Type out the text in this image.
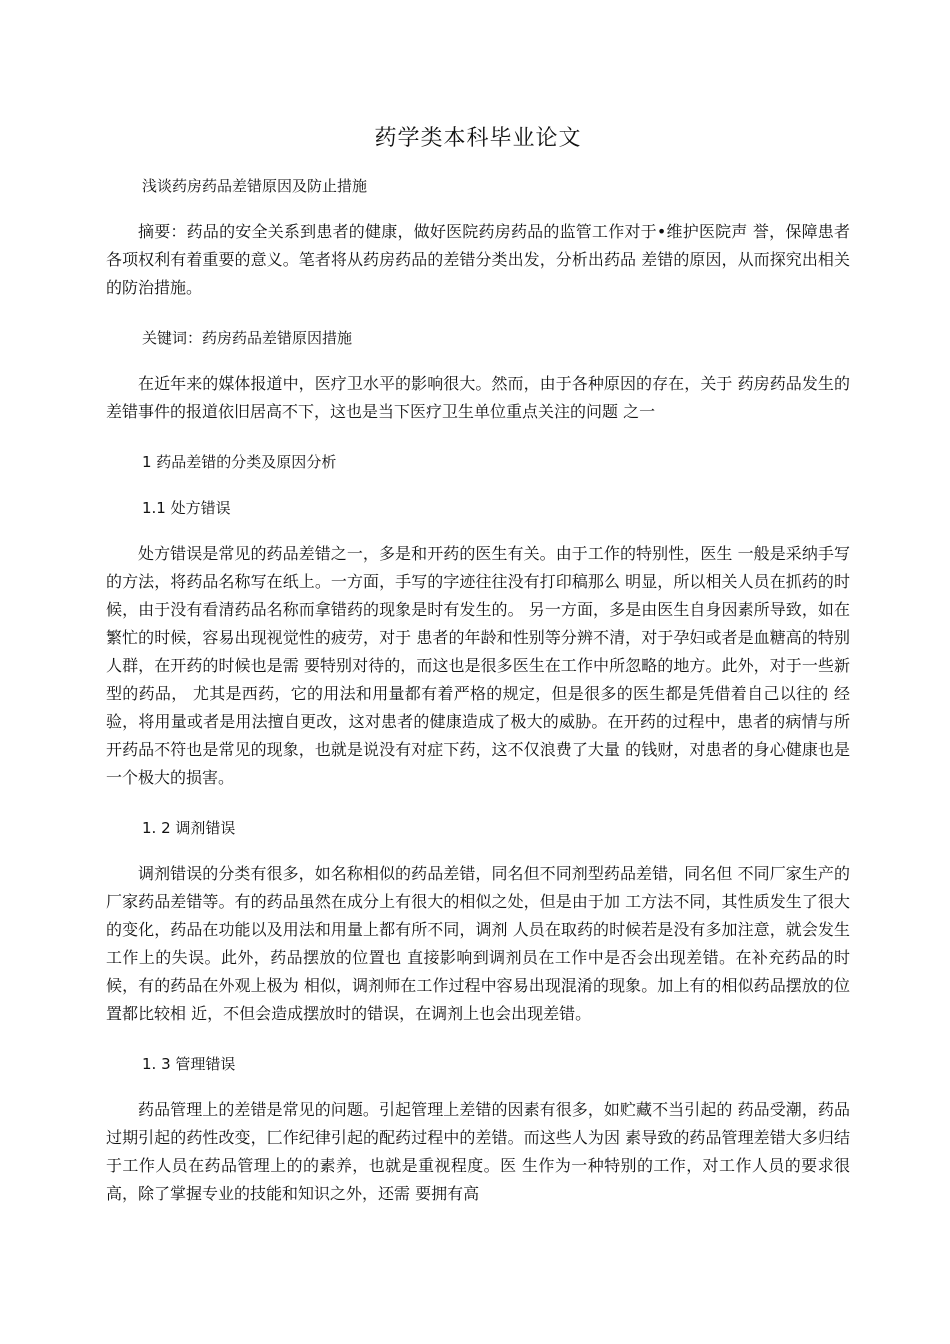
药学类本科毕业论文
浅谈药房药品差错原因及防止措施
摘要：药品的安全关系到患者的健康，做好医院药房药品的监管工作对于•维护医院声 誉，保障患者各项权利有着重要的意义。笔者将从药房药品的差错分类出发，分析出药品 差错的原因，从而探究出相关的防治措施。
关键词：药房药品差错原因措施
在近年来的媒体报道中，医疗卫水平的影响很大。然而，由于各种原因的存在，关于 药房药品发生的差错事件的报道依旧居高不下，这也是当下医疗卫生单位重点关注的问题 之一
1 药品差错的分类及原因分析
1.1 处方错误
处方错误是常见的药品差错之一，多是和开药的医生有关。由于工作的特别性，医生 一般是采纳手写的方法，将药品名称写在纸上。一方面，手写的字迹往往没有打印稿那么 明显，所以相关人员在抓药的时候，由于没有看清药品名称而拿错药的现象是时有发生的。 另一方面，多是由医生自身因素所导致，如在繁忙的时候，容易出现视觉性的疲劳，对于 患者的年龄和性别等分辨不清，对于孕妇或者是血糖高的特别人群，在开药的时候也是需 要特别对待的，而这也是很多医生在工作中所忽略的地方。此外，对于一些新型的药品， 尤其是西药，它的用法和用量都有着严格的规定，但是很多的医生都是凭借着自己以往的 经验，将用量或者是用法擅自更改，这对患者的健康造成了极大的威胁。在开药的过程中，患者的病情与所开药品不符也是常见的现象，也就是说没有对症下药，这不仅浪费了大量 的钱财，对患者的身心健康也是一个极大的损害。
1. 2 调剂错误
调剂错误的分类有很多，如名称相似的药品差错，同名但不同剂型药品差错，同名但 不同厂家生产的厂家药品差错等。有的药品虽然在成分上有很大的相似之处，但是由于加 工方法不同，其性质发生了很大的变化，药品在功能以及用法和用量上都有所不同，调剂 人员在取药的时候若是没有多加注意，就会发生工作上的失误。此外，药品摆放的位置也 直接影响到调剂员在工作中是否会出现差错。在补充药品的时候，有的药品在外观上极为 相似，调剂师在工作过程中容易出现混淆的现象。加上有的相似药品摆放的位置都比较相 近，不但会造成摆放时的错误，在调剂上也会出现差错。
1. 3 管理错误
药品管理上的差错是常见的问题。引起管理上差错的因素有很多，如贮藏不当引起的 药品受潮，药品过期引起的药性改变，匚作纪律引起的配药过程中的差错。而这些人为因 素导致的药品管理差错大多归结于工作人员在药品管理上的的素养，也就是重视程度。医 生作为一种特别的工作，对工作人员的要求很高，除了掌握专业的技能和知识之外，还需 要拥有高
